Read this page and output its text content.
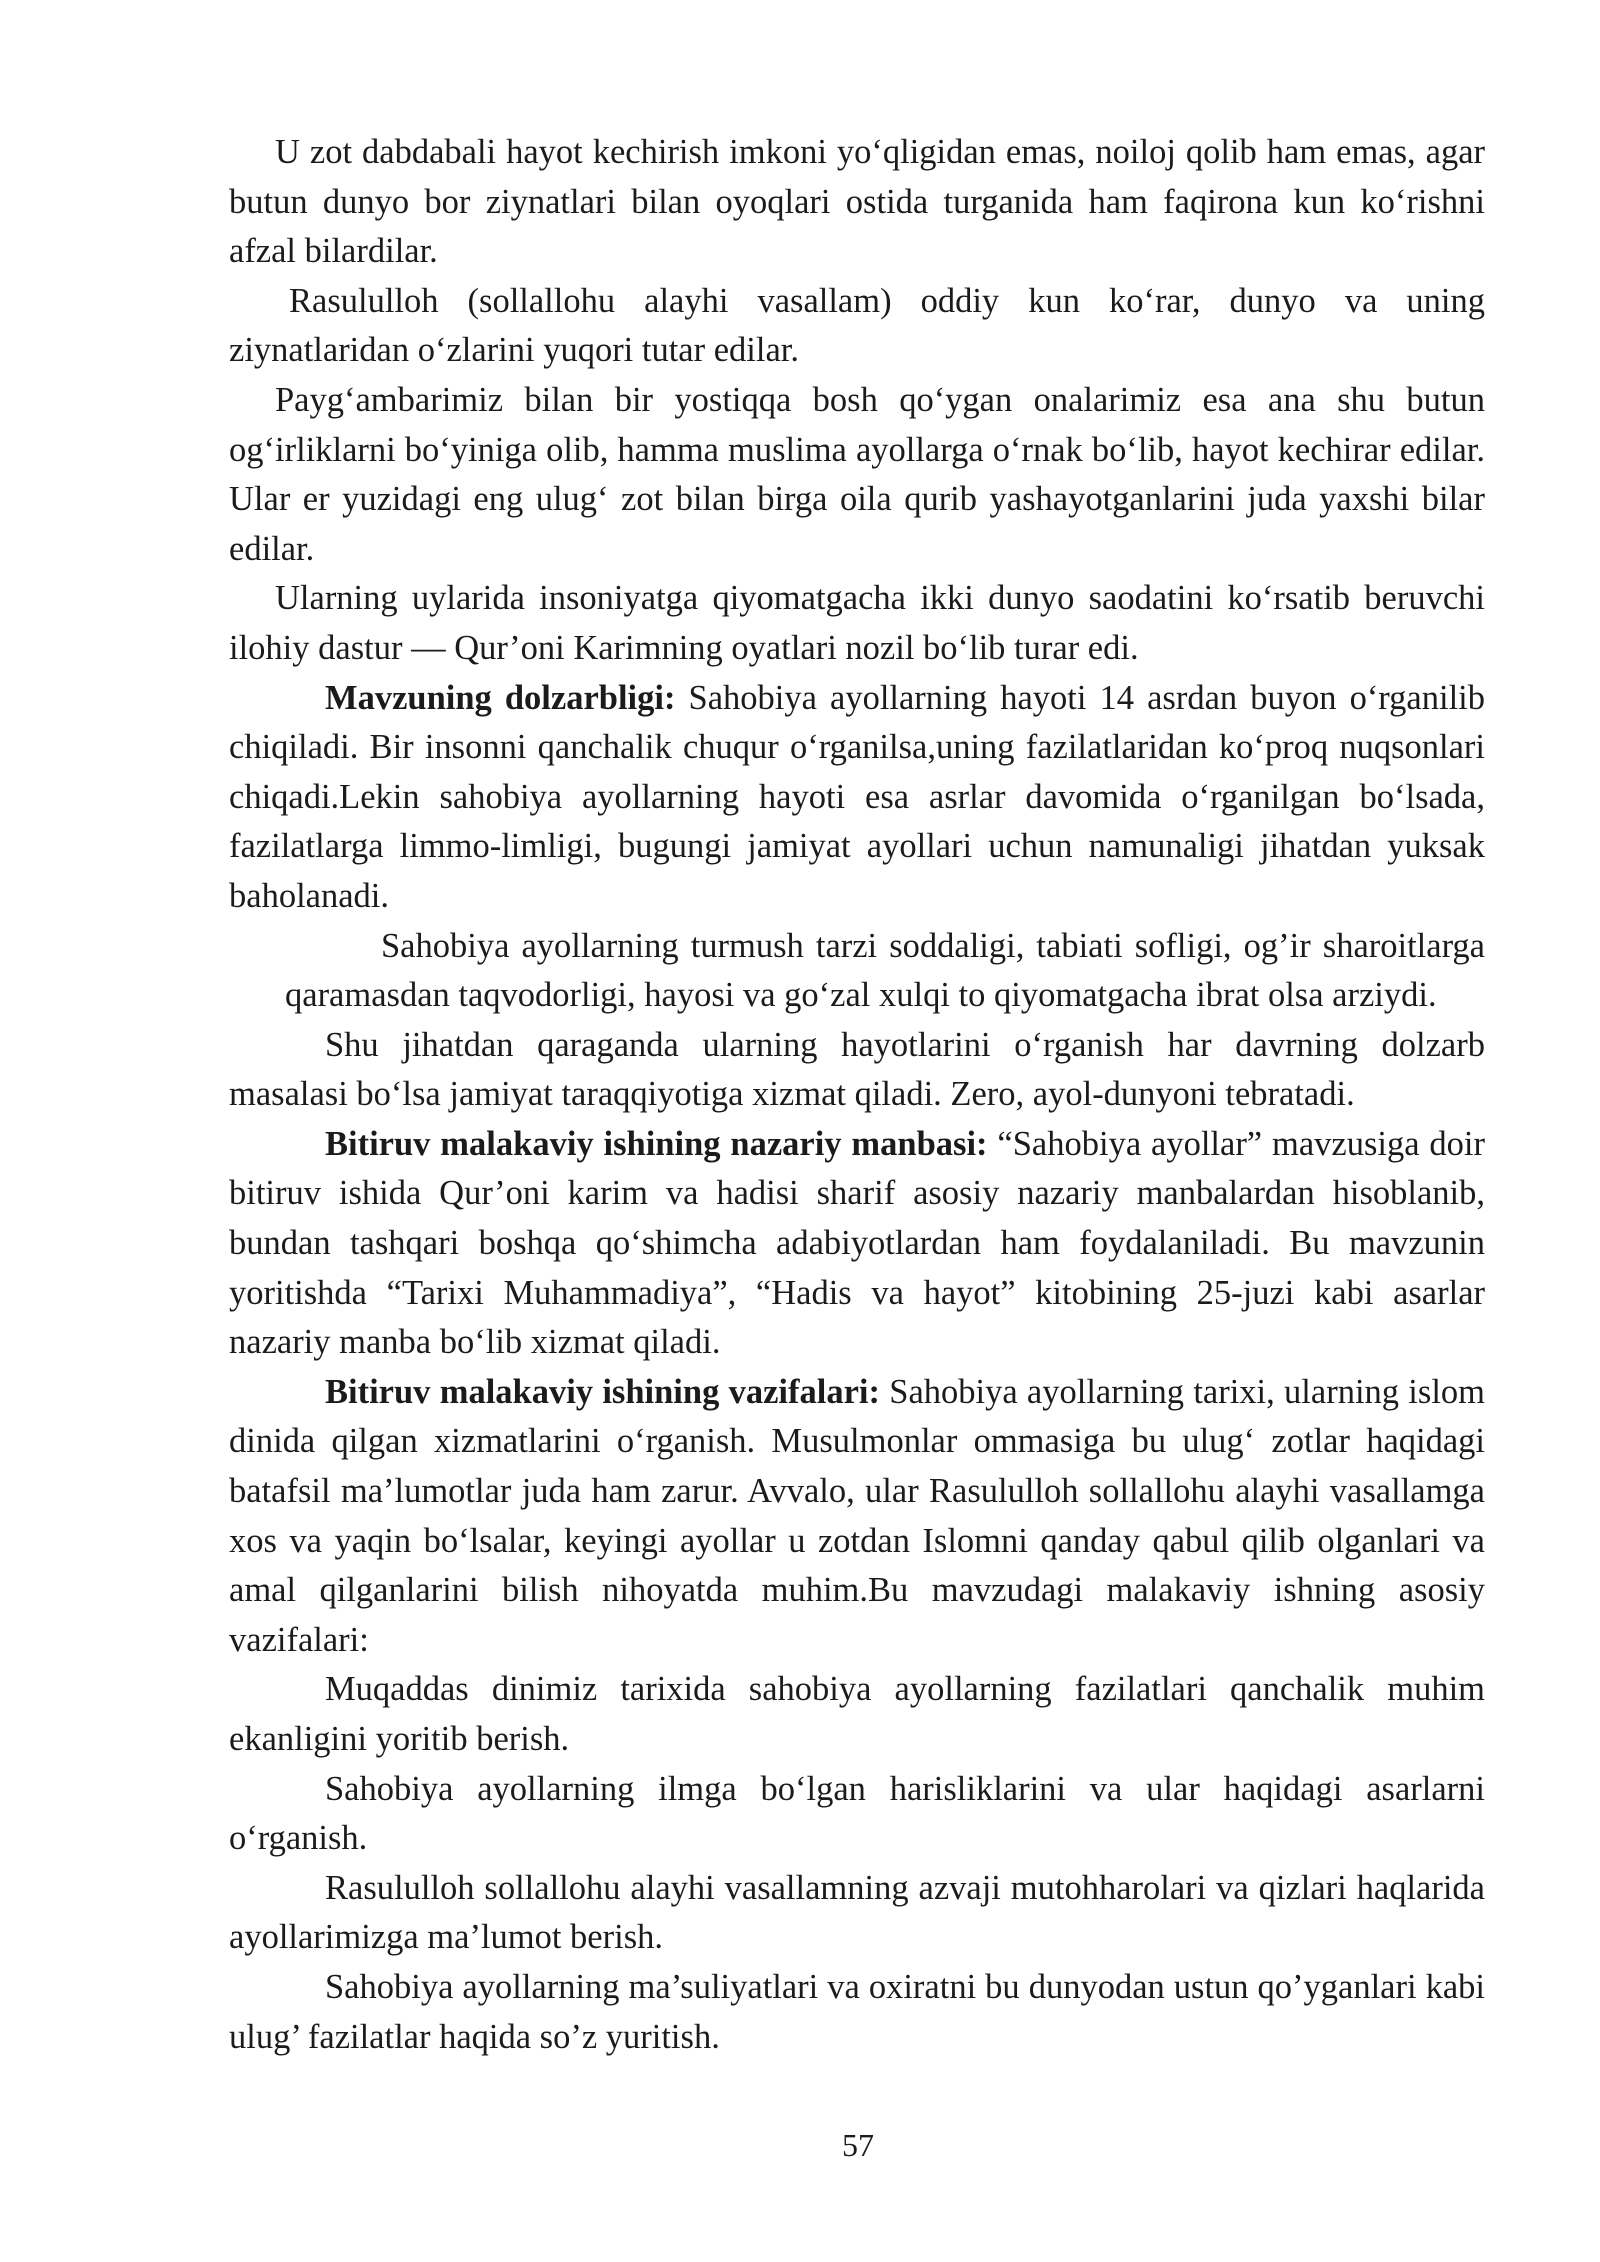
U zot dabdabali hayot kechirish imkoni yo‘qligidan emas, noiloj qolib ham emas, agar butun dunyo bor ziynatlari bilan oyoqlari ostida turganida ham faqirona kun ko‘rishni afzal bilardilar.

Rasululloh (sollallohu alayhi vasallam) oddiy kun ko‘rar, dunyo va uning ziynatlaridan o‘zlarini yuqori tutar edilar.

Payg‘ambarimiz bilan bir yostiqqa bosh qo‘ygan onalarimiz esa ana shu butun og‘irliklarni bo‘yiniga olib, hamma muslima ayollarga o‘rnak bo‘lib, hayot kechirar edilar. Ular er yuzidagi eng ulug‘ zot bilan birga oila qurib yashayotganlarini juda yaxshi bilar edilar.

Ularning uylarida insoniyatga qiyomatgacha ikki dunyo saodatini ko‘rsatib beruvchi ilohiy dastur — Qur’oni Karimning oyatlari nozil bo‘lib turar edi.

Mavzuning dolzarbligi: Sahobiya ayollarning hayoti 14 asrdan buyon o‘rganilib chiqiladi. Bir insonni qanchalik chuqur o‘rganilsa,uning fazilatlaridan ko‘proq nuqsonlari chiqadi.Lekin sahobiya ayollarning hayoti esa asrlar davomida o‘rganilgan bo‘lsada, fazilatlarga limmo-limligi, bugungi jamiyat ayollari uchun namunaligi jihatdan yuksak baholanadi.

Sahobiya ayollarning turmush tarzi soddaligi, tabiati sofligi, og’ir sharoitlarga qaramasdan taqvodorligi, hayosi va go‘zal xulqi to qiyomatgacha ibrat olsa arziydi.

Shu jihatdan qaraganda ularning hayotlarini o‘rganish har davrning dolzarb masalasi bo‘lsa jamiyat taraqqiyotiga xizmat qiladi. Zero, ayol-dunyoni tebratadi.

Bitiruv malakaviy ishining nazariy manbasi: “Sahobiya ayollar” mavzusiga doir bitiruv ishida Qur’oni karim va hadisi sharif asosiy nazariy manbalardan hisoblanib, bundan tashqari boshqa qo‘shimcha adabiyotlardan ham foydalaniladi. Bu mavzunin yoritishda “Tarixi Muhammadiya”, “Hadis va hayot” kitobining 25-juzi kabi asarlar nazariy manba bo‘lib xizmat qiladi.

Bitiruv malakaviy ishining vazifalari: Sahobiya ayollarning tarixi, ularning islom dinida qilgan xizmatlarini o‘rganish. Musulmonlar ommasiga bu ulug‘ zotlar haqidagi batafsil ma’lumotlar juda ham zarur. Avvalo, ular Rasululloh sollallohu alayhi vasallamga xos va yaqin bo‘lsalar, keyingi ayollar u zotdan Islomni qanday qabul qilib olganlari va amal qilganlarini bilish nihoyatda muhim.Bu mavzudagi malakaviy ishning asosiy vazifalari:

Muqaddas dinimiz tarixida sahobiya ayollarning fazilatlari qanchalik muhim ekanligini yoritib berish.

Sahobiya ayollarning ilmga bo‘lgan harisliklarini va ular haqidagi asarlarni o‘rganish.

Rasululloh sollallohu alayhi vasallamning azvaji mutohharolari va qizlari haqlarida ayollarimizga ma’lumot berish.

Sahobiya ayollarning ma’suliyatlari va oxiratni bu dunyodan ustun qo’yganlari kabi ulug’ fazilatlar haqida so’z yuritish.

57
